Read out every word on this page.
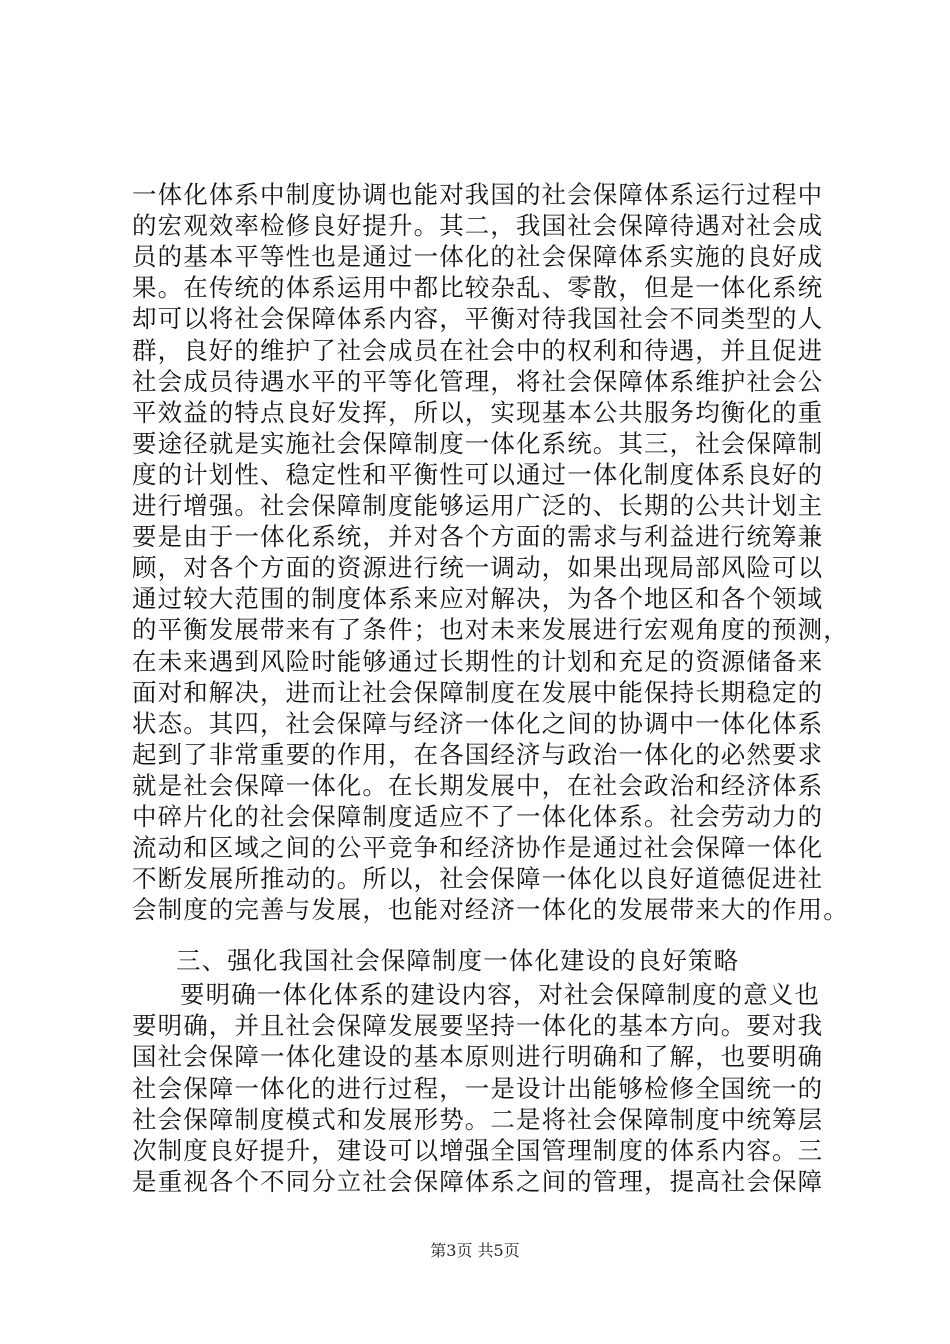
一体化体系中制度协调也能对我国的社会保障体系运行过程中
的宏观效率检修良好提升。其二，我国社会保障待遇对社会成
员的基本平等性也是通过一体化的社会保障体系实施的良好成
果。在传统的体系运用中都比较杂乱、零散，但是一体化系统
却可以将社会保障体系内容，平衡对待我国社会不同类型的人
群，良好的维护了社会成员在社会中的权利和待遇，并且促进
社会成员待遇水平的平等化管理，将社会保障体系维护社会公
平效益的特点良好发挥，所以，实现基本公共服务均衡化的重
要途径就是实施社会保障制度一体化系统。其三，社会保障制
度的计划性、稳定性和平衡性可以通过一体化制度体系良好的
进行增强。社会保障制度能够运用广泛的、长期的公共计划主
要是由于一体化系统，并对各个方面的需求与利益进行统筹兼
顾，对各个方面的资源进行统一调动，如果出现局部风险可以
通过较大范围的制度体系来应对解决，为各个地区和各个领域
的平衡发展带来有了条件；也对未来发展进行宏观角度的预测，
在未来遇到风险时能够通过长期性的计划和充足的资源储备来
面对和解决，进而让社会保障制度在发展中能保持长期稳定的
状态。其四，社会保障与经济一体化之间的协调中一体化体系
起到了非常重要的作用，在各国经济与政治一体化的必然要求
就是社会保障一体化。在长期发展中，在社会政治和经济体系
中碎片化的社会保障制度适应不了一体化体系。社会劳动力的
流动和区域之间的公平竞争和经济协作是通过社会保障一体化
不断发展所推动的。所以，社会保障一体化以良好道德促进社
会制度的完善与发展，也能对经济一体化的发展带来大的作用。
三、强化我国社会保障制度一体化建设的良好策略
要明确一体化体系的建设内容，对社会保障制度的意义也
要明确，并且社会保障发展要坚持一体化的基本方向。要对我
国社会保障一体化建设的基本原则进行明确和了解，也要明确
社会保障一体化的进行过程，一是设计出能够检修全国统一的
社会保障制度模式和发展形势。二是将社会保障制度中统筹层
次制度良好提升，建设可以增强全国管理制度的体系内容。三
是重视各个不同分立社会保障体系之间的管理，提高社会保障
第3页 共5页
